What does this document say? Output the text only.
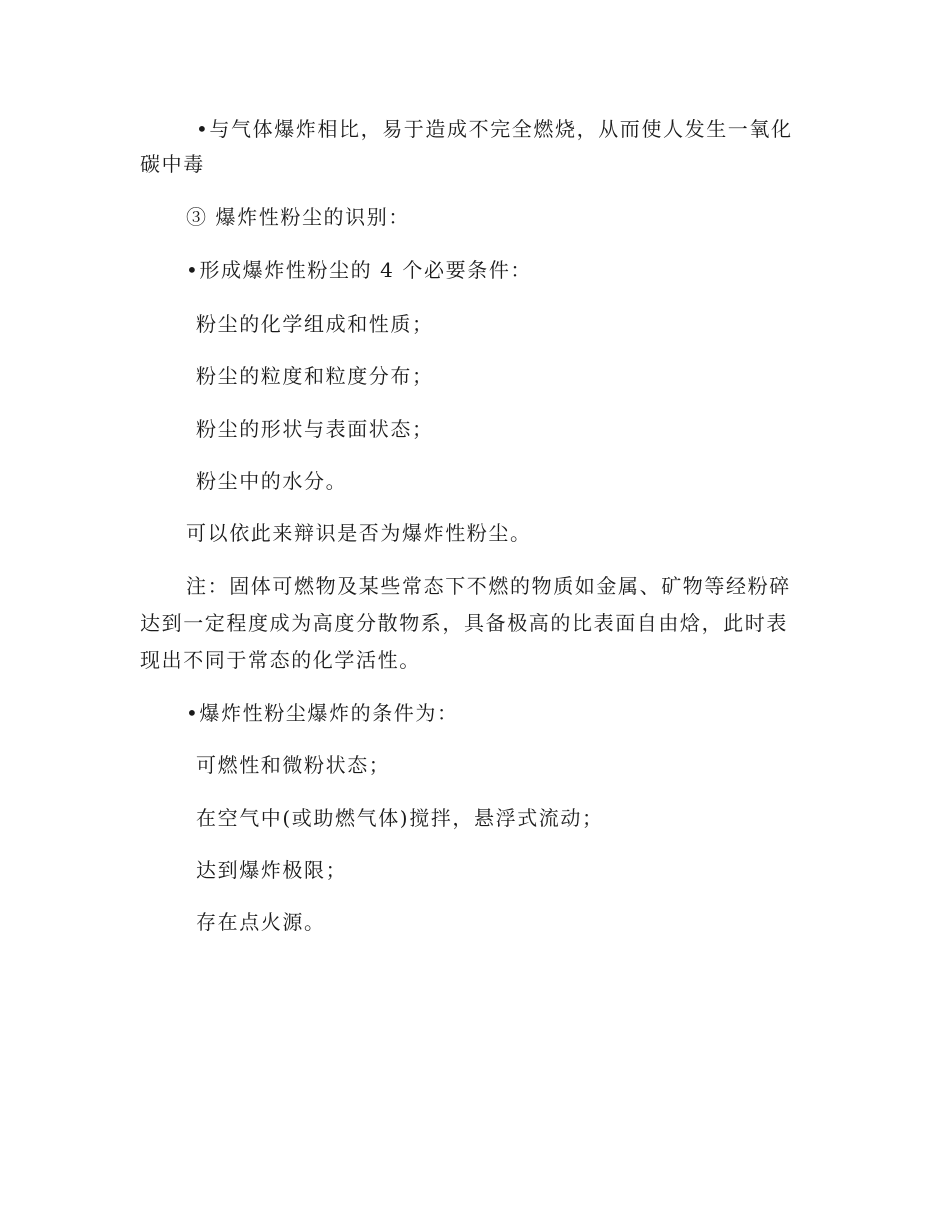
•与气体爆炸相比，易于造成不完全燃烧，从而使人发生一氧化
碳中毒
③ 爆炸性粉尘的识别：
•形成爆炸性粉尘的 4 个必要条件：
粉尘的化学组成和性质；
粉尘的粒度和粒度分布；
粉尘的形状与表面状态；
粉尘中的水分。
可以依此来辩识是否为爆炸性粉尘。
注：固体可燃物及某些常态下不燃的物质如金属、矿物等经粉碎
达到一定程度成为高度分散物系，具备极高的比表面自由焓，此时表
现出不同于常态的化学活性。
•爆炸性粉尘爆炸的条件为：
可燃性和微粉状态；
在空气中(或助燃气体)搅拌，悬浮式流动；
达到爆炸极限；
存在点火源。
